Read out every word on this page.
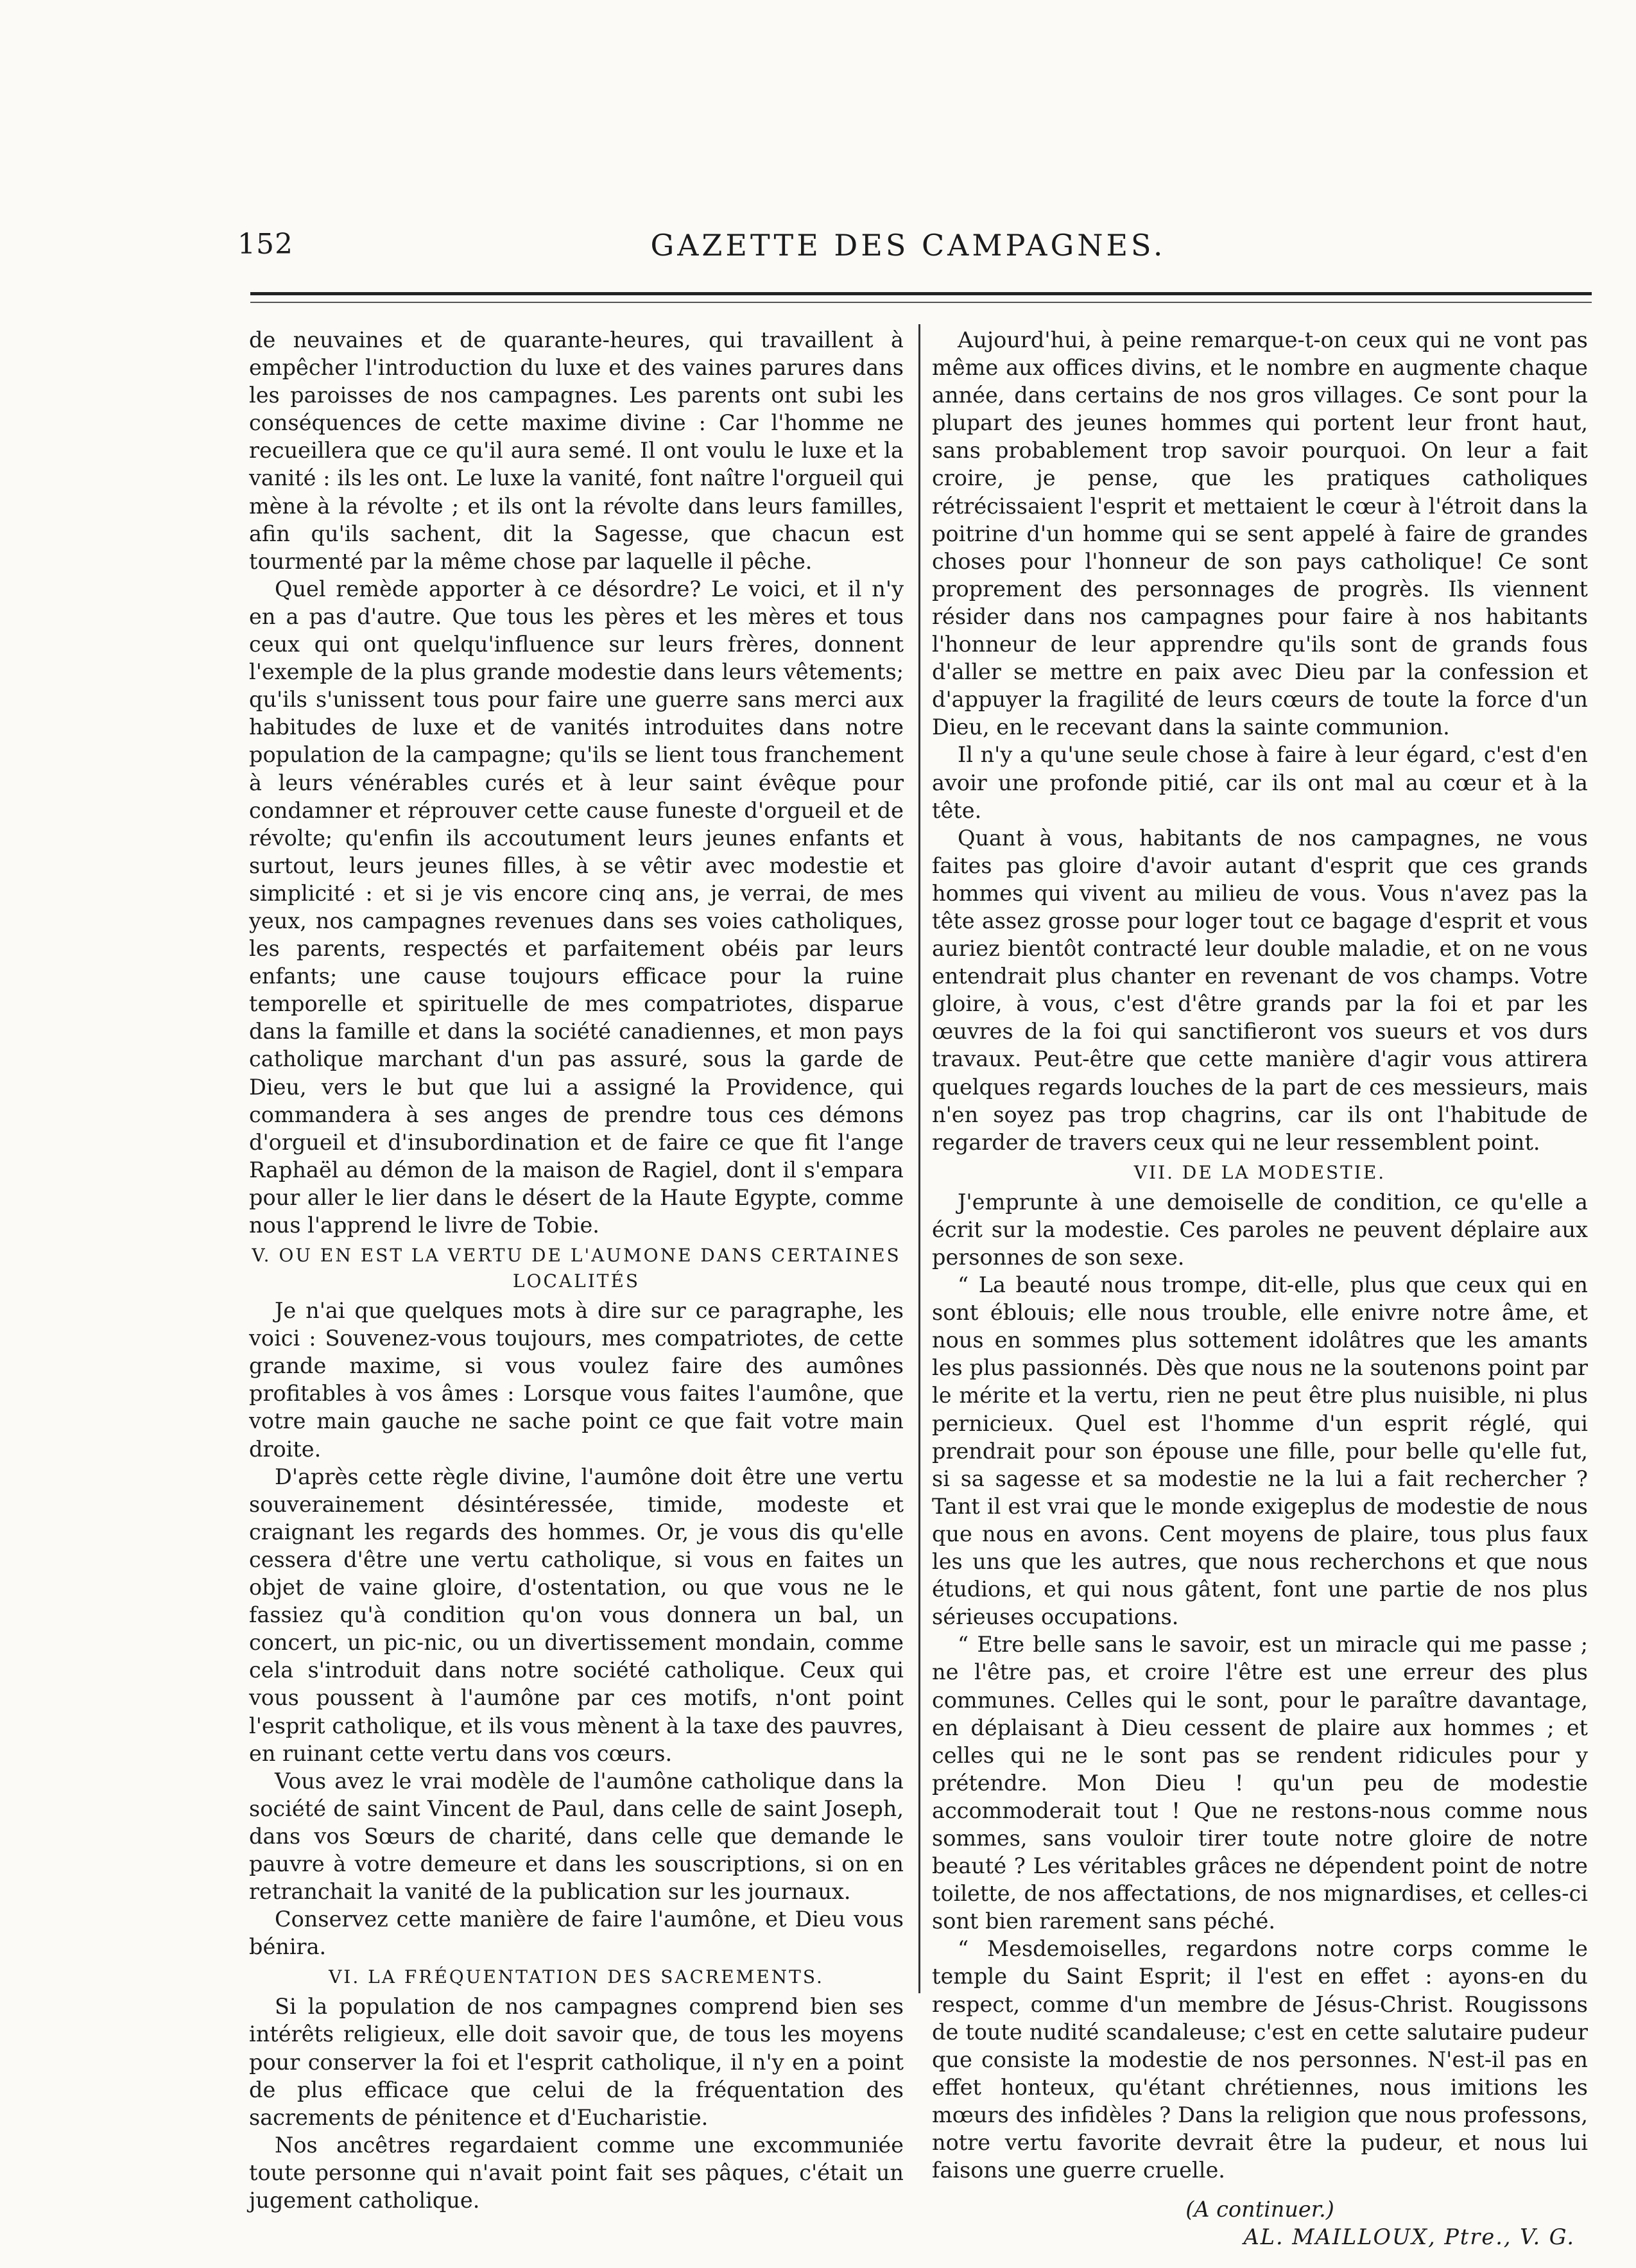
152	GAZETTE DES CAMPAGNES.

de neuvaines et de quarante-heures, qui travaillent à empêcher l'introduction du luxe et des vaines parures dans les paroisses de nos campagnes. Les parents ont subi les conséquences de cette maxime divine : Car l'homme ne recueillera que ce qu'il aura semé. Il ont voulu le luxe et la vanité : ils les ont. Le luxe la vanité, font naître l'orgueil qui mène à la révolte ; et ils ont la révolte dans leurs familles, afin qu'ils sachent, dit la Sagesse, que chacun est tourmenté par la même chose par laquelle il pêche.

Quel remède apporter à ce désordre? Le voici, et il n'y en a pas d'autre. Que tous les pères et les mères et tous ceux qui ont quelqu'influence sur leurs frères, donnent l'exemple de la plus grande modestie dans leurs vêtements; qu'ils s'unissent tous pour faire une guerre sans merci aux habitudes de luxe et de vanités introduites dans notre population de la campagne; qu'ils se lient tous franchement à leurs vénérables curés et à leur saint évêque pour condamner et réprouver cette cause funeste d'orgueil et de révolte; qu'enfin ils accoutument leurs jeunes enfants et surtout, leurs jeunes filles, à se vêtir avec modestie et simplicité : et si je vis encore cinq ans, je verrai, de mes yeux, nos campagnes revenues dans ses voies catholiques, les parents, respectés et parfaitement obéis par leurs enfants; une cause toujours efficace pour la ruine temporelle et spirituelle de mes compatriotes, disparue dans la famille et dans la société canadiennes, et mon pays catholique marchant d'un pas assuré, sous la garde de Dieu, vers le but que lui a assigné la Providence, qui commandera à ses anges de prendre tous ces démons d'orgueil et d'insubordination et de faire ce que fit l'ange Raphaël au démon de la maison de Ragiel, dont il s'empara pour aller le lier dans le désert de la Haute Egypte, comme nous l'apprend le livre de Tobie.

V. OU EN EST LA VERTU DE L'AUMONE DANS CERTAINES LOCALITÉS

Je n'ai que quelques mots à dire sur ce paragraphe, les voici : Souvenez-vous toujours, mes compatriotes, de cette grande maxime, si vous voulez faire des aumônes profitables à vos âmes : Lorsque vous faites l'aumône, que votre main gauche ne sache point ce que fait votre main droite.

D'après cette règle divine, l'aumône doit être une vertu souverainement désintéressée, timide, modeste et craignant les regards des hommes. Or, je vous dis qu'elle cessera d'être une vertu catholique, si vous en faites un objet de vaine gloire, d'ostentation, ou que vous ne le fassiez qu'à condition qu'on vous donnera un bal, un concert, un pic-nic, ou un divertissement mondain, comme cela s'introduit dans notre société catholique. Ceux qui vous poussent à l'aumône par ces motifs, n'ont point l'esprit catholique, et ils vous mènent à la taxe des pauvres, en ruinant cette vertu dans vos cœurs.

Vous avez le vrai modèle de l'aumône catholique dans la société de saint Vincent de Paul, dans celle de saint Joseph, dans vos Sœurs de charité, dans celle que demande le pauvre à votre demeure et dans les souscriptions, si on en retranchait la vanité de la publication sur les journaux.

Conservez cette manière de faire l'aumône, et Dieu vous bénira.

VI. LA FRÉQUENTATION DES SACREMENTS.

Si la population de nos campagnes comprend bien ses intérêts religieux, elle doit savoir que, de tous les moyens pour conserver la foi et l'esprit catholique, il n'y en a point de plus efficace que celui de la fréquentation des sacrements de pénitence et d'Eucharistie.

Nos ancêtres regardaient comme une excommuniée toute personne qui n'avait point fait ses pâques, c'était un jugement catholique.

Aujourd'hui, à peine remarque-t-on ceux qui ne vont pas même aux offices divins, et le nombre en augmente chaque année, dans certains de nos gros villages. Ce sont pour la plupart des jeunes hommes qui portent leur front haut, sans probablement trop savoir pourquoi. On leur a fait croire, je pense, que les pratiques catholiques rétrécissaient l'esprit et mettaient le cœur à l'étroit dans la poitrine d'un homme qui se sent appelé à faire de grandes choses pour l'honneur de son pays catholique! Ce sont proprement des personnages de progrès. Ils viennent résider dans nos campagnes pour faire à nos habitants l'honneur de leur apprendre qu'ils sont de grands fous d'aller se mettre en paix avec Dieu par la confession et d'appuyer la fragilité de leurs cœurs de toute la force d'un Dieu, en le recevant dans la sainte communion.

Il n'y a qu'une seule chose à faire à leur égard, c'est d'en avoir une profonde pitié, car ils ont mal au cœur et à la tête.

Quant à vous, habitants de nos campagnes, ne vous faites pas gloire d'avoir autant d'esprit que ces grands hommes qui vivent au milieu de vous. Vous n'avez pas la tête assez grosse pour loger tout ce bagage d'esprit et vous auriez bientôt contracté leur double maladie, et on ne vous entendrait plus chanter en revenant de vos champs. Votre gloire, à vous, c'est d'être grands par la foi et par les œuvres de la foi qui sanctifieront vos sueurs et vos durs travaux. Peut-être que cette manière d'agir vous attirera quelques regards louches de la part de ces messieurs, mais n'en soyez pas trop chagrins, car ils ont l'habitude de regarder de travers ceux qui ne leur ressemblent point.

VII. DE LA MODESTIE.

J'emprunte à une demoiselle de condition, ce qu'elle a écrit sur la modestie. Ces paroles ne peuvent déplaire aux personnes de son sexe.

“ La beauté nous trompe, dit-elle, plus que ceux qui en sont éblouis; elle nous trouble, elle enivre notre âme, et nous en sommes plus sottement idolâtres que les amants les plus passionnés. Dès que nous ne la soutenons point par le mérite et la vertu, rien ne peut être plus nuisible, ni plus pernicieux. Quel est l'homme d'un esprit réglé, qui prendrait pour son épouse une fille, pour belle qu'elle fut, si sa sagesse et sa modestie ne la lui a fait rechercher ? Tant il est vrai que le monde exigeplus de modestie de nous que nous en avons. Cent moyens de plaire, tous plus faux les uns que les autres, que nous recherchons et que nous étudions, et qui nous gâtent, font une partie de nos plus sérieuses occupations.

“ Etre belle sans le savoir, est un miracle qui me passe ; ne l'être pas, et croire l'être est une erreur des plus communes. Celles qui le sont, pour le paraître davantage, en déplaisant à Dieu cessent de plaire aux hommes ; et celles qui ne le sont pas se rendent ridicules pour y prétendre. Mon Dieu ! qu'un peu de modestie accommoderait tout ! Que ne restons-nous comme nous sommes, sans vouloir tirer toute notre gloire de notre beauté ? Les véritables grâces ne dépendent point de notre toilette, de nos affectations, de nos mignardises, et celles-ci sont bien rarement sans péché.

“ Mesdemoiselles, regardons notre corps comme le temple du Saint Esprit; il l'est en effet : ayons-en du respect, comme d'un membre de Jésus-Christ. Rougissons de toute nudité scandaleuse; c'est en cette salutaire pudeur que consiste la modestie de nos personnes. N'est-il pas en effet honteux, qu'étant chrétiennes, nous imitions les mœurs des infidèles ? Dans la religion que nous professons, notre vertu favorite devrait être la pudeur, et nous lui faisons une guerre cruelle.

(A continuer.)
AL. MAILLOUX, Ptre., V. G.
